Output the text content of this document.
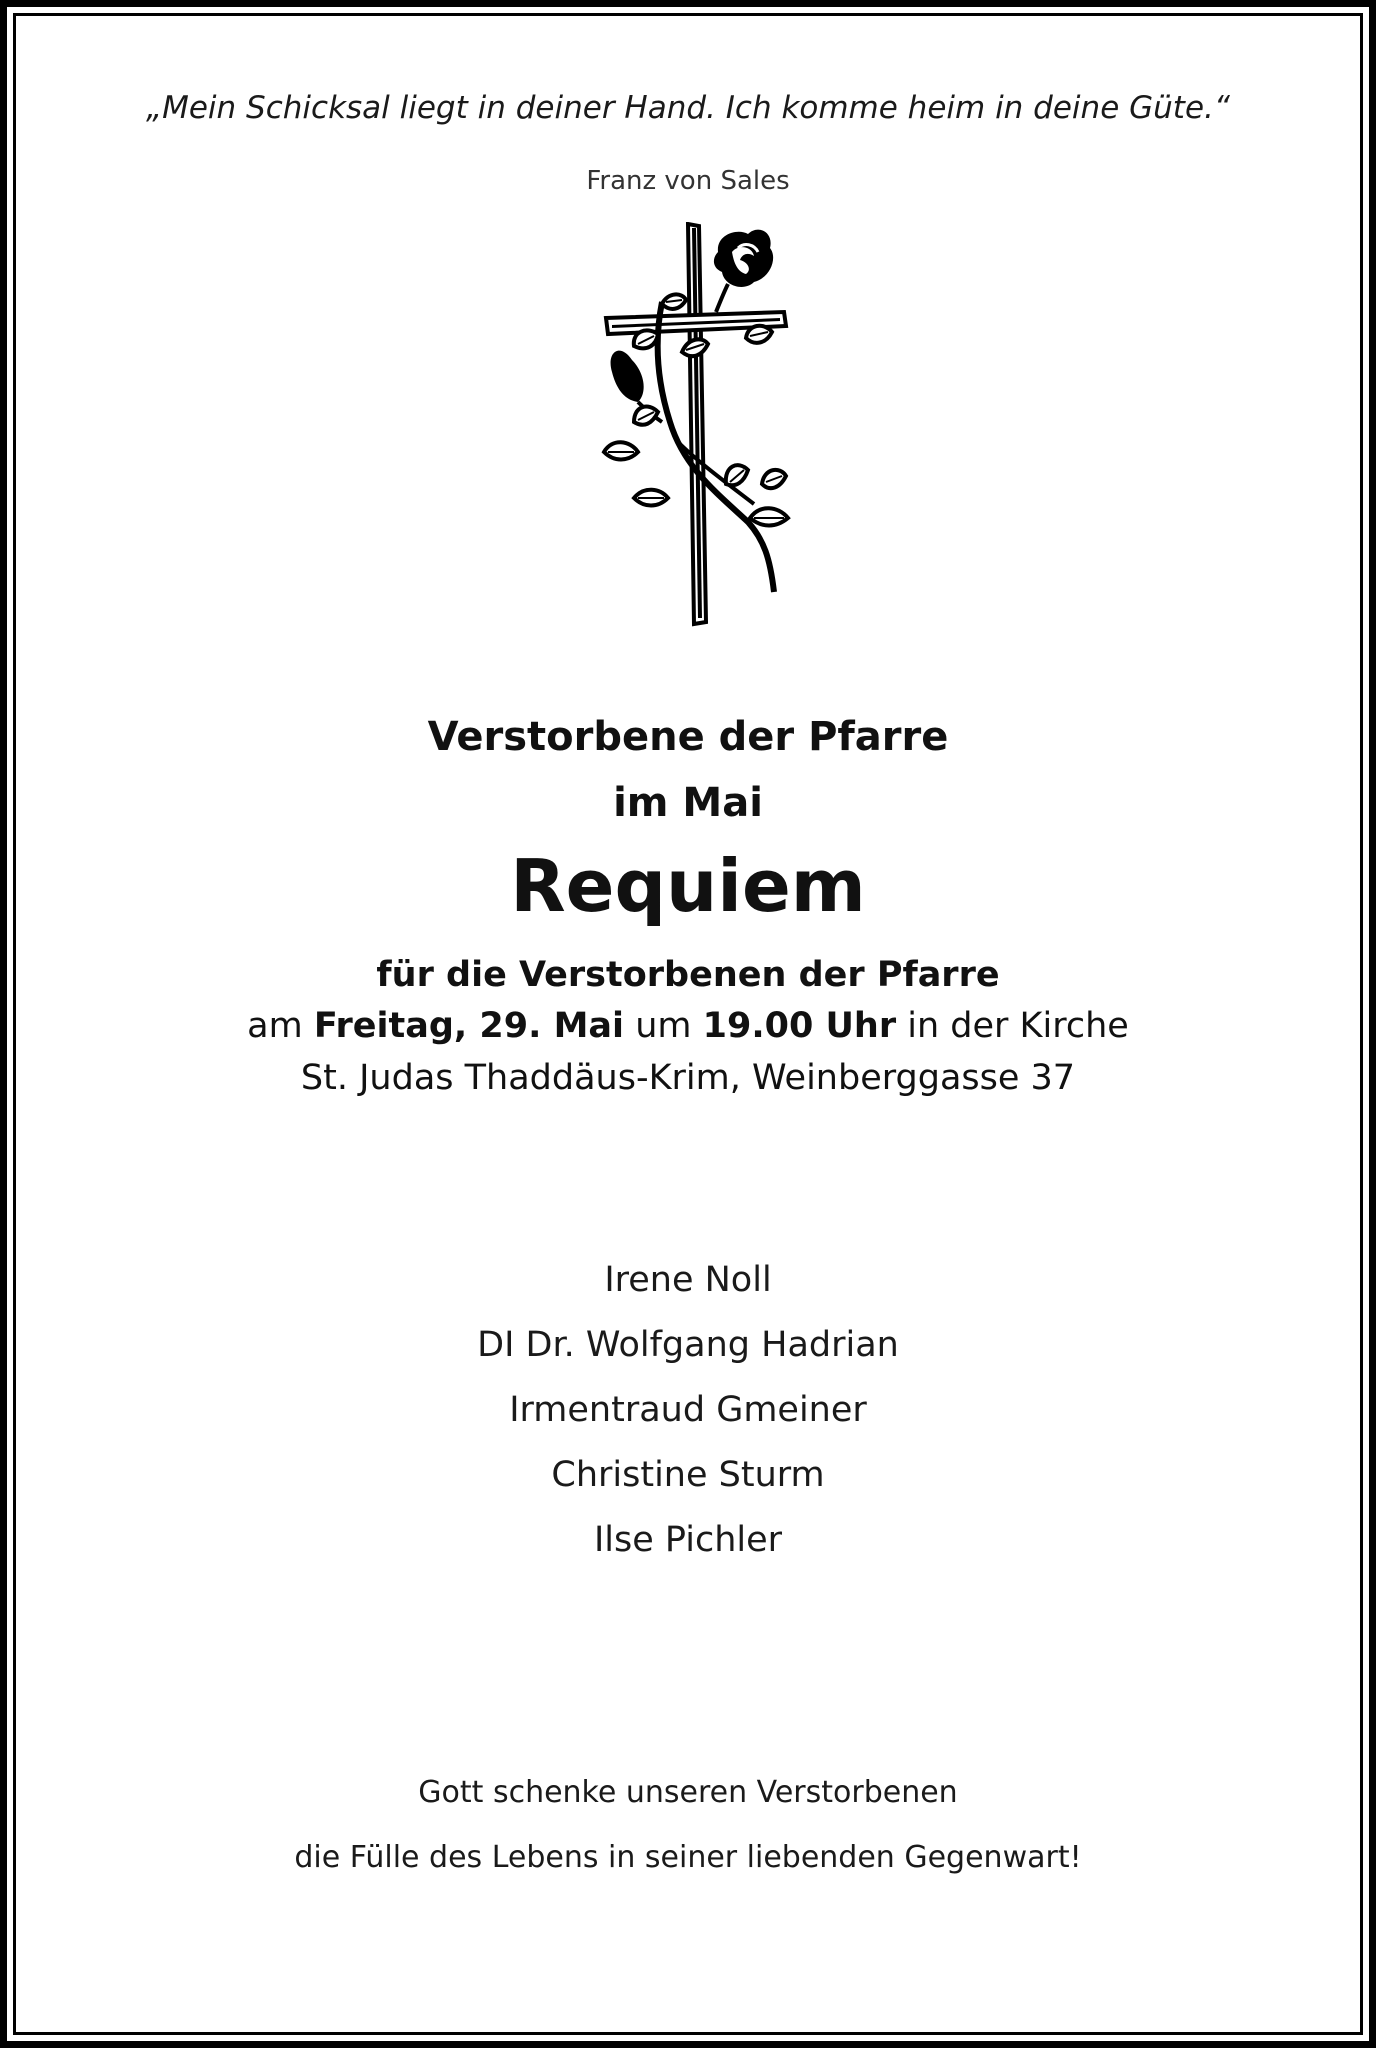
„Mein Schicksal liegt in deiner Hand. Ich komme heim in deine Güte.“
Franz von Sales
Verstorbene der Pfarre
im Mai
Requiem
für die Verstorbenen der Pfarre
am Freitag, 29. Mai um 19.00 Uhr in der Kirche
St. Judas Thaddäus-Krim, Weinberggasse 37
Irene Noll
DI Dr. Wolfgang Hadrian
Irmentraud Gmeiner
Christine Sturm
Ilse Pichler
Gott schenke unseren Verstorbenen
die Fülle des Lebens in seiner liebenden Gegenwart!
